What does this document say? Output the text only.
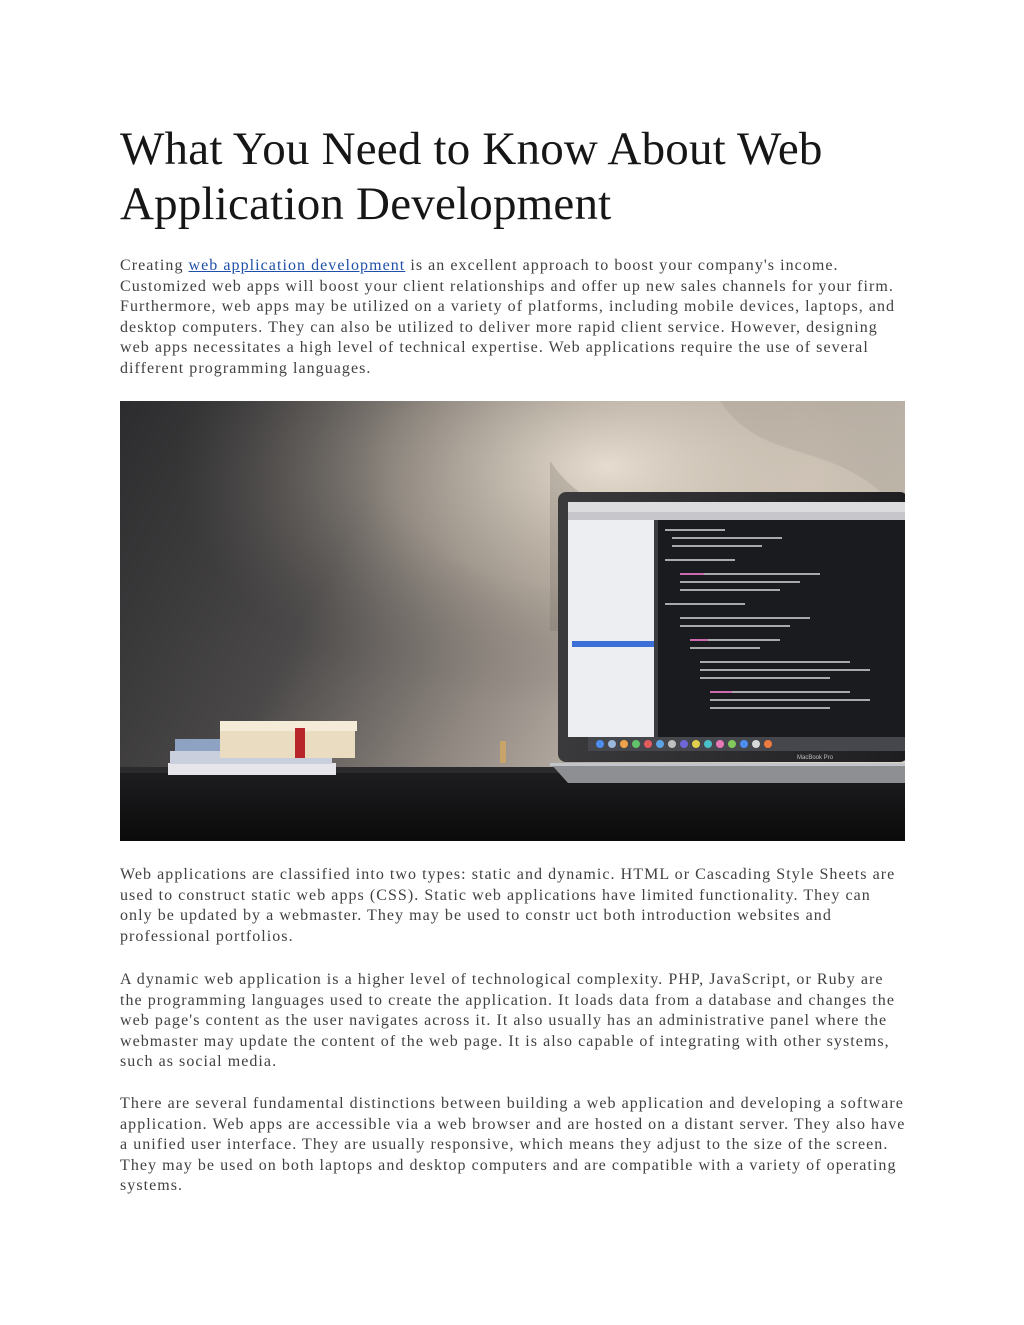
What You Need to Know About Web Application Development

Creating web application development is an excellent approach to boost your company's income. Customized web apps will boost your client relationships and offer up new sales channels for your firm. Furthermore, web apps may be utilized on a variety of platforms, including mobile devices, laptops, and desktop computers. They can also be utilized to deliver more rapid client service. However, designing web apps necessitates a high level of technical expertise. Web applications require the use of several different programming languages.

MacBook Pro

Web applications are classified into two types: static and dynamic. HTML or Cascading Style Sheets are used to construct static web apps (CSS). Static web applications have limited functionality. They can only be updated by a webmaster. They may be used to constr uct both introduction websites and professional portfolios.

A dynamic web application is a higher level of technological complexity. PHP, JavaScript, or Ruby are the programming languages used to create the application. It loads data from a database and changes the web page's content as the user navigates across it. It also usually has an administrative panel where the webmaster may update the content of the web page. It is also capable of integrating with other systems, such as social media.

There are several fundamental distinctions between building a web application and developing a software application. Web apps are accessible via a web browser and are hosted on a distant server. They also have a unified user interface. They are usually responsive, which means they adjust to the size of the screen. They may be used on both laptops and desktop computers and are compatible with a variety of operating systems.
